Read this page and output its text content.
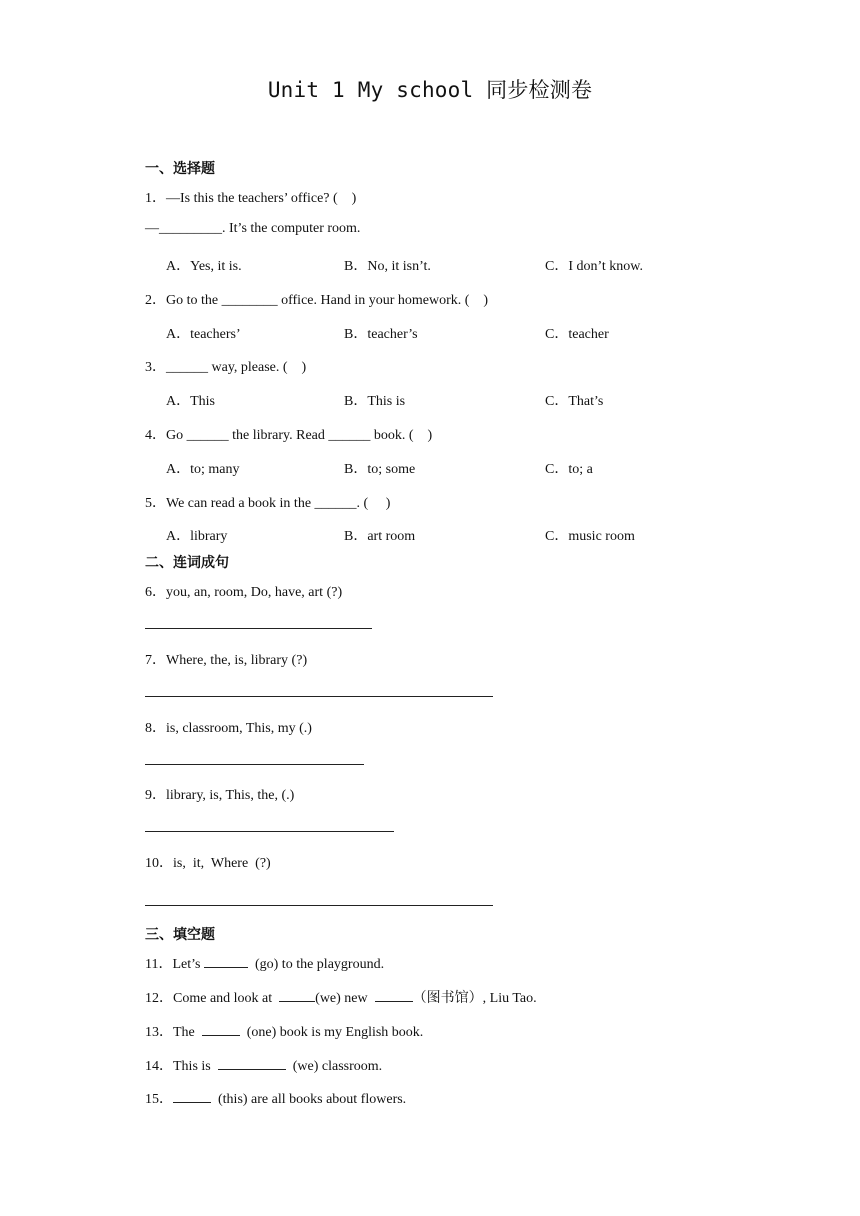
Unit 1 My school 同步检测卷
一、选择题
1．—Is this the teachers’ office? (    )
—_________. It’s the computer room.
A．Yes, it is.	B．No, it isn’t.	C．I don’t know.
2．Go to the ________ office. Hand in your homework. (    )
A．teachers’	B．teacher’s	C．teacher
3．______ way, please. (    )
A．This	B．This is	C．That’s
4．Go ______ the library. Read ______ book. (    )
A．to; many	B．to; some	C．to; a
5．We can read a book in the ______. (     )
A．library	B．art room	C．music room
二、连词成句
6．you, an, room, Do, have, art (?)
7．Where, the, is, library (?)
8．is, classroom, This, my (.)
9．library, is, This, the, (.)
10．is,  it,  Where  (?)
三、填空题
11．Let’s	(go) to the playground.
12．Come and look at	(we) new	（图书馆）, Liu Tao.
13．The	(one) book is my English book.
14．This is	(we) classroom.
15．	(this) are all books about flowers.
